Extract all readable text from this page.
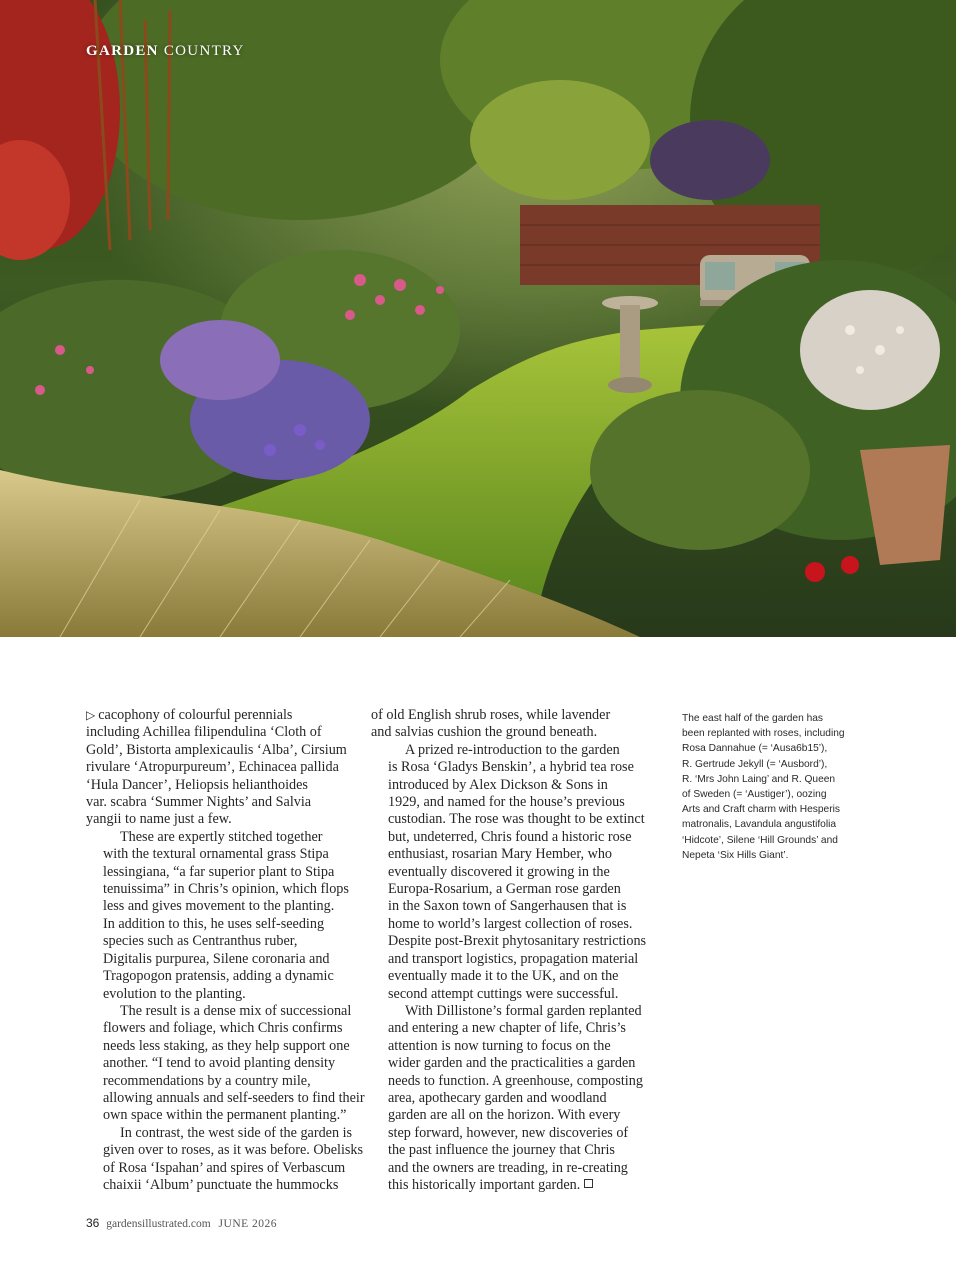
GARDEN COUNTRY

▷ cacophony of colourful perennials
including Achillea filipendulina ‘Cloth of
Gold’, Bistorta amplexicaulis ‘Alba’, Cirsium
rivulare ‘Atropurpureum’, Echinacea pallida
‘Hula Dancer’, Heliopsis helianthoides
var. scabra ‘Summer Nights’ and Salvia
yangii to name just a few.

These are expertly stitched together
with the textural ornamental grass Stipa
lessingiana, “a far superior plant to Stipa
tenuissima” in Chris’s opinion, which flops
less and gives movement to the planting.
In addition to this, he uses self-seeding
species such as Centranthus ruber,
Digitalis purpurea, Silene coronaria and
Tragopogon pratensis, adding a dynamic
evolution to the planting.

The result is a dense mix of successional
flowers and foliage, which Chris confirms
needs less staking, as they help support one
another. “I tend to avoid planting density
recommendations by a country mile,
allowing annuals and self-seeders to find their
own space within the permanent planting.”

In contrast, the west side of the garden is
given over to roses, as it was before. Obelisks
of Rosa ‘Ispahan’ and spires of Verbascum
chaixii ‘Album’ punctuate the hummocks

of old English shrub roses, while lavender
and salvias cushion the ground beneath.

A prized re-introduction to the garden
is Rosa ‘Gladys Benskin’, a hybrid tea rose
introduced by Alex Dickson & Sons in
1929, and named for the house’s previous
custodian. The rose was thought to be extinct
but, undeterred, Chris found a historic rose
enthusiast, rosarian Mary Hember, who
eventually discovered it growing in the
Europa-Rosarium, a German rose garden
in the Saxon town of Sangerhausen that is
home to world’s largest collection of roses.
Despite post-Brexit phytosanitary restrictions
and transport logistics, propagation material
eventually made it to the UK, and on the
second attempt cuttings were successful.

With Dillistone’s formal garden replanted
and entering a new chapter of life, Chris’s
attention is now turning to focus on the
wider garden and the practicalities a garden
needs to function. A greenhouse, composting
area, apothecary garden and woodland
garden are all on the horizon. With every
step forward, however, new discoveries of
the past influence the journey that Chris
and the owners are treading, in re-creating
this historically important garden.

The east half of the garden has
been replanted with roses, including
Rosa Dannahue (= ‘Ausa6b15’),
R. Gertrude Jekyll (= ‘Ausbord’),
R. ‘Mrs John Laing’ and R. Queen
of Sweden (= ‘Austiger’), oozing
Arts and Craft charm with Hesperis
matronalis, Lavandula angustifolia
‘Hidcote’, Silene ‘Hill Grounds’ and
Nepeta ‘Six Hills Giant’.
36 gardensillustrated.com JUNE 2026
